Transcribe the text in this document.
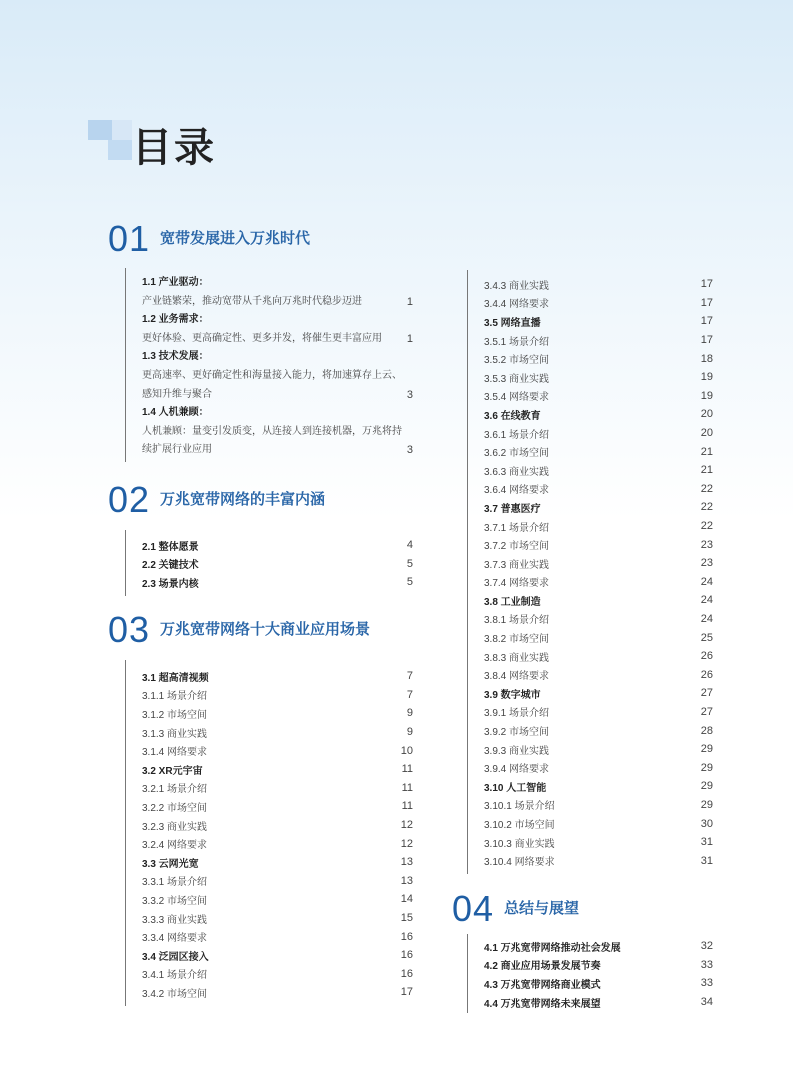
目录
01 宽带发展进入万兆时代
1.1 产业驱动：
产业链繁荣，推动宽带从千兆向万兆时代稳步迈进	1
1.2 业务需求：
更好体验、更高确定性、更多并发，将催生更丰富应用	1
1.3 技术发展：
更高速率、更好确定性和海量接入能力，将加速算存上云、感知升维与聚合	3
1.4 人机兼顾：
人机兼顾：量变引发质变，从连接人到连接机器，万兆将持续扩展行业应用	3
02 万兆宽带网络的丰富内涵
2.1 整体愿景	4
2.2 关键技术	5
2.3 场景内核	5
03 万兆宽带网络十大商业应用场景
3.1 超高清视频	7
3.1.1 场景介绍	7
3.1.2 市场空间	9
3.1.3 商业实践	9
3.1.4 网络要求	10
3.2 XR元宇宙	11
3.2.1 场景介绍	11
3.2.2 市场空间	11
3.2.3 商业实践	12
3.2.4 网络要求	12
3.3 云网光宽	13
3.3.1 场景介绍	13
3.3.2 市场空间	14
3.3.3 商业实践	15
3.3.4 网络要求	16
3.4 泛园区接入	16
3.4.1 场景介绍	16
3.4.2 市场空间	17
3.4.3 商业实践	17
3.4.4 网络要求	17
3.5 网络直播	17
3.5.1 场景介绍	17
3.5.2 市场空间	18
3.5.3 商业实践	19
3.5.4 网络要求	19
3.6 在线教育	20
3.6.1 场景介绍	20
3.6.2 市场空间	21
3.6.3 商业实践	21
3.6.4 网络要求	22
3.7 普惠医疗	22
3.7.1 场景介绍	22
3.7.2 市场空间	23
3.7.3 商业实践	23
3.7.4 网络要求	24
3.8 工业制造	24
3.8.1 场景介绍	24
3.8.2 市场空间	25
3.8.3 商业实践	26
3.8.4 网络要求	26
3.9 数字城市	27
3.9.1 场景介绍	27
3.9.2 市场空间	28
3.9.3 商业实践	29
3.9.4 网络要求	29
3.10 人工智能	29
3.10.1 场景介绍	29
3.10.2 市场空间	30
3.10.3 商业实践	31
3.10.4 网络要求	31
04 总结与展望
4.1 万兆宽带网络推动社会发展	32
4.2 商业应用场景发展节奏	33
4.3 万兆宽带网络商业模式	33
4.4 万兆宽带网络未来展望	34
